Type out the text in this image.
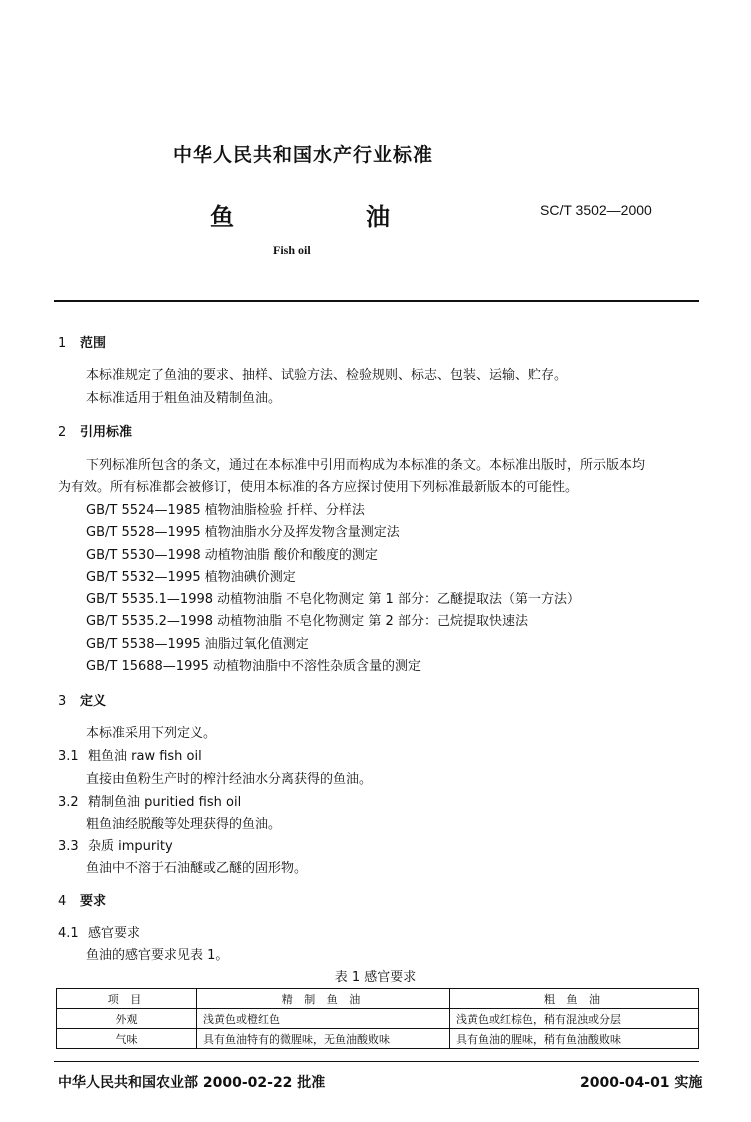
中华人民共和国水产行业标准
鱼	油	SC/T 3502—2000
Fish oil
1 范围
本标准规定了鱼油的要求、抽样、试验方法、检验规则、标志、包装、运输、贮存。
本标准适用于粗鱼油及精制鱼油。
2 引用标准
下列标准所包含的条文，通过在本标准中引用而构成为本标准的条文。本标准出版时，所示版本均
为有效。所有标准都会被修订，使用本标准的各方应探讨使用下列标准最新版本的可能性。
GB/T 5524—1985 植物油脂检验 扦样、分样法
GB/T 5528—1995 植物油脂水分及挥发物含量测定法
GB/T 5530—1998 动植物油脂 酸价和酸度的测定
GB/T 5532—1995 植物油碘价测定
GB/T 5535.1—1998 动植物油脂 不皂化物测定 第 1 部分：乙醚提取法（第一方法）
GB/T 5535.2—1998 动植物油脂 不皂化物测定 第 2 部分：己烷提取快速法
GB/T 5538—1995 油脂过氧化值测定
GB/T 15688—1995 动植物油脂中不溶性杂质含量的测定
3 定义
本标准采用下列定义。
3.1 粗鱼油 raw fish oil
直接由鱼粉生产时的榨汁经油水分离获得的鱼油。
3.2 精制鱼油 puritied fish oil
粗鱼油经脱酸等处理获得的鱼油。
3.3 杂质 impurity
鱼油中不溶于石油醚或乙醚的固形物。
4 要求
4.1 感官要求
鱼油的感官要求见表 1。
表 1 感官要求
项 目	精 制 鱼 油	粗 鱼 油
外观	浅黄色或橙红色	浅黄色或红棕色，稍有混浊或分层
气味	具有鱼油特有的微腥味，无鱼油酸败味	具有鱼油的腥味，稍有鱼油酸败味
中华人民共和国农业部 2000-02-22 批准	2000-04-01 实施
